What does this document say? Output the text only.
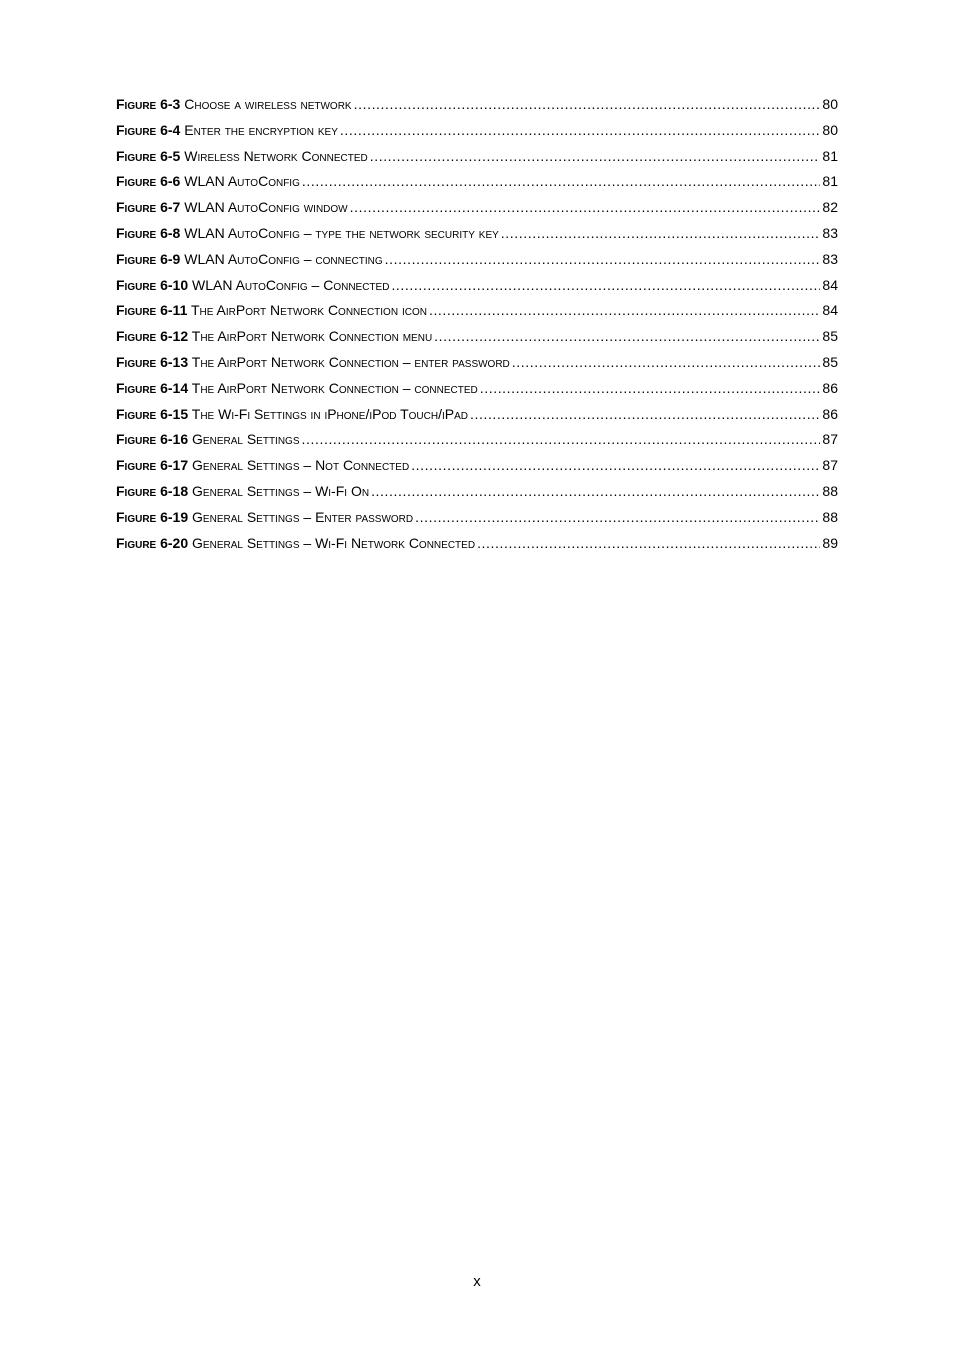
Figure 6-3 Choose a wireless network .....	80
Figure 6-4 Enter the encryption key .....	80
Figure 6-5 Wireless Network Connected .....	81
Figure 6-6 WLAN AutoConfig .....	81
Figure 6-7 WLAN AutoConfig window .....	82
Figure 6-8 WLAN AutoConfig – type the network security key .....	83
Figure 6-9 WLAN AutoConfig – connecting .....	83
Figure 6-10 WLAN AutoConfig – Connected .....	84
Figure 6-11 The AirPort Network Connection icon .....	84
Figure 6-12 The AirPort Network Connection menu .....	85
Figure 6-13 The AirPort Network Connection – enter password .....	85
Figure 6-14 The AirPort Network Connection – connected .....	86
Figure 6-15 The Wi-Fi Settings in iPhone/iPod Touch/iPad .....	86
Figure 6-16 General Settings .....	87
Figure 6-17 General Settings – Not Connected .....	87
Figure 6-18 General Settings – Wi-Fi On .....	88
Figure 6-19 General Settings – Enter password .....	88
Figure 6-20 General Settings – Wi-Fi Network Connected .....	89
x
